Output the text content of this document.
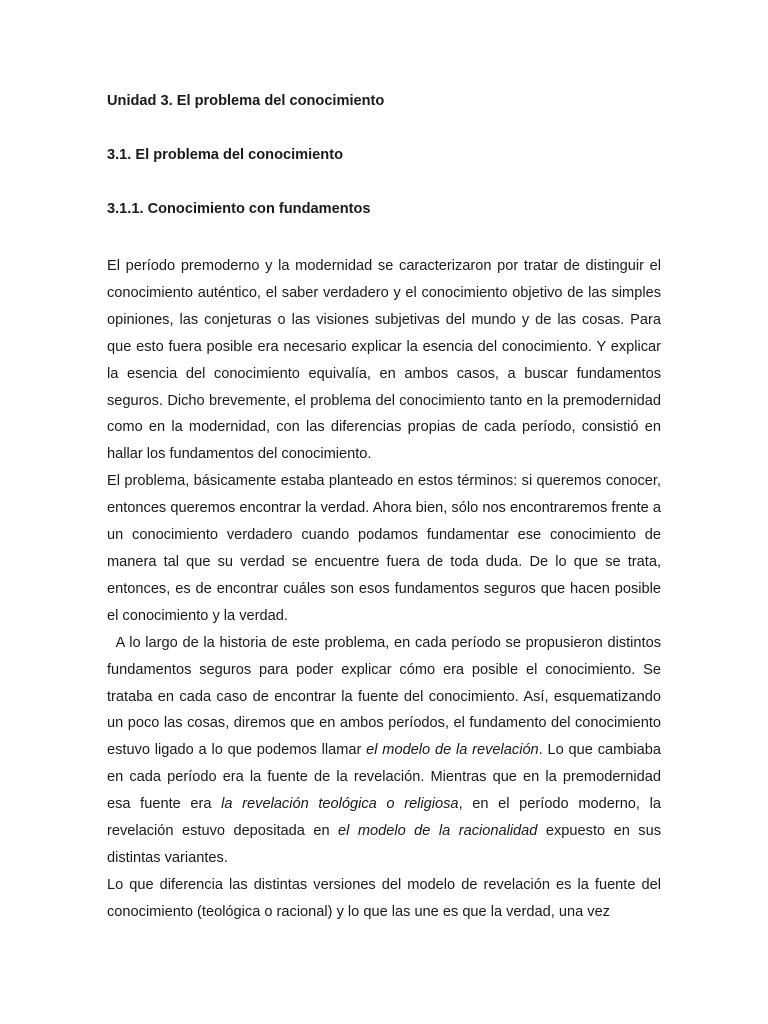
Unidad 3. El problema del conocimiento

3.1. El problema del conocimiento

3.1.1. Conocimiento con fundamentos

El período premoderno y la modernidad se caracterizaron por tratar de distinguir el conocimiento auténtico, el saber verdadero y el conocimiento objetivo de las simples opiniones, las conjeturas o las visiones subjetivas del mundo y de las cosas. Para que esto fuera posible era necesario explicar la esencia del conocimiento. Y explicar la esencia del conocimiento equivalía, en ambos casos, a buscar fundamentos seguros. Dicho brevemente, el problema del conocimiento tanto en la premodernidad como en la modernidad, con las diferencias propias de cada período, consistió en hallar los fundamentos del conocimiento.

El problema, básicamente estaba planteado en estos términos: si queremos conocer, entonces queremos encontrar la verdad. Ahora bien, sólo nos encontraremos frente a un conocimiento verdadero cuando podamos fundamentar ese conocimiento de manera tal que su verdad se encuentre fuera de toda duda. De lo que se trata, entonces, es de encontrar cuáles son esos fundamentos seguros que hacen posible el conocimiento y la verdad.

A lo largo de la historia de este problema, en cada período se propusieron distintos fundamentos seguros para poder explicar cómo era posible el conocimiento. Se trataba en cada caso de encontrar la fuente del conocimiento. Así, esquematizando un poco las cosas, diremos que en ambos períodos, el fundamento del conocimiento estuvo ligado a lo que podemos llamar el modelo de la revelación. Lo que cambiaba en cada período era la fuente de la revelación. Mientras que en la premodernidad esa fuente era la revelación teológica o religiosa, en el período moderno, la revelación estuvo depositada en el modelo de la racionalidad expuesto en sus distintas variantes.

Lo que diferencia las distintas versiones del modelo de revelación es la fuente del conocimiento (teológica o racional) y lo que las une es que la verdad, una vez
